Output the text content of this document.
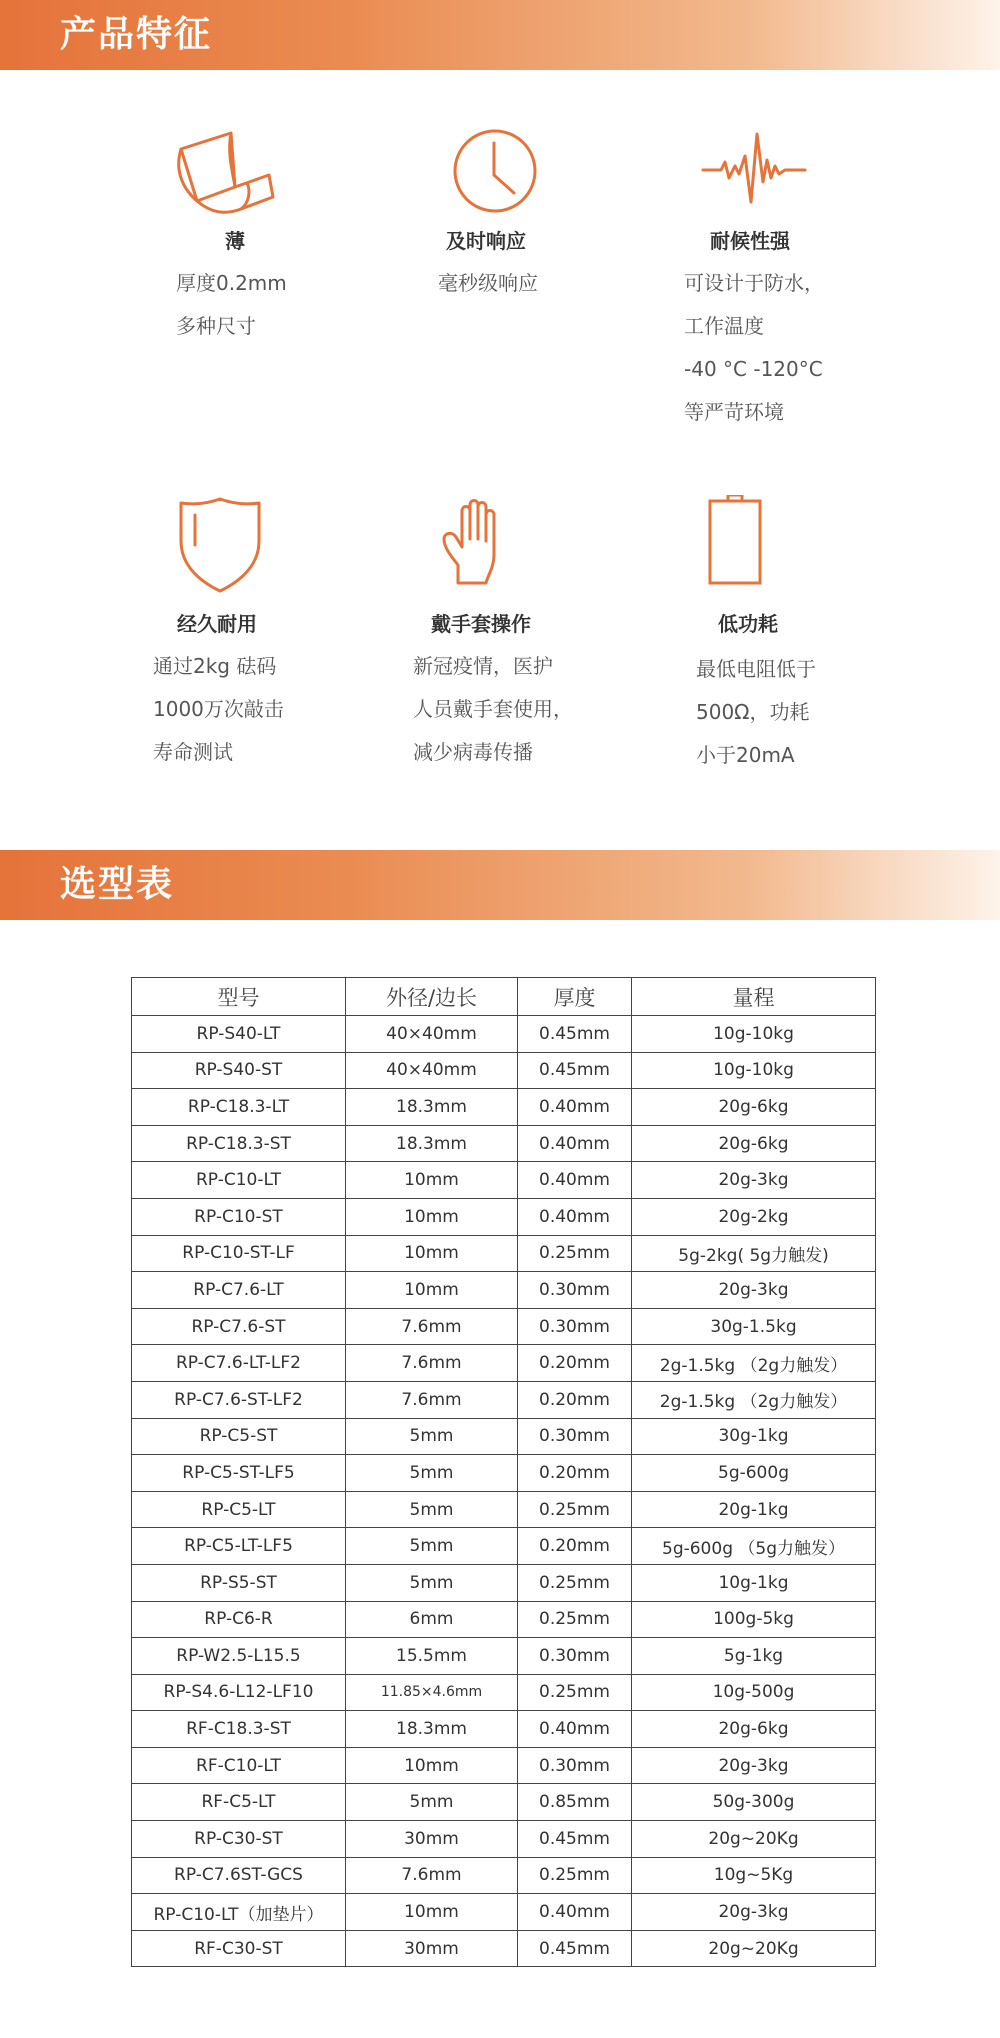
产品特征
薄
厚度0.2mm
多种尺寸
及时响应
毫秒级响应
耐候性强
可设计于防水，
工作温度
-40 °C -120°C
等严苛环境
经久耐用
通过2kg 砝码
1000万次敲击
寿命测试
戴手套操作
新冠疫情，医护
人员戴手套使用，
减少病毒传播
低功耗
最低电阻低于
500Ω，功耗
小于20mA
选型表
型号	外径/边长	厚度	量程
RP-S40-LT	40×40mm	0.45mm	10g-10kg
RP-S40-ST	40×40mm	0.45mm	10g-10kg
RP-C18.3-LT	18.3mm	0.40mm	20g-6kg
RP-C18.3-ST	18.3mm	0.40mm	20g-6kg
RP-C10-LT	10mm	0.40mm	20g-3kg
RP-C10-ST	10mm	0.40mm	20g-2kg
RP-C10-ST-LF	10mm	0.25mm	5g-2kg( 5g力触发)
RP-C7.6-LT	10mm	0.30mm	20g-3kg
RP-C7.6-ST	7.6mm	0.30mm	30g-1.5kg
RP-C7.6-LT-LF2	7.6mm	0.20mm	2g-1.5kg （2g力触发）
RP-C7.6-ST-LF2	7.6mm	0.20mm	2g-1.5kg （2g力触发）
RP-C5-ST	5mm	0.30mm	30g-1kg
RP-C5-ST-LF5	5mm	0.20mm	5g-600g
RP-C5-LT	5mm	0.25mm	20g-1kg
RP-C5-LT-LF5	5mm	0.20mm	5g-600g （5g力触发）
RP-S5-ST	5mm	0.25mm	10g-1kg
RP-C6-R	6mm	0.25mm	100g-5kg
RP-W2.5-L15.5	15.5mm	0.30mm	5g-1kg
RP-S4.6-L12-LF10	11.85×4.6mm	0.25mm	10g-500g
RF-C18.3-ST	18.3mm	0.40mm	20g-6kg
RF-C10-LT	10mm	0.30mm	20g-3kg
RF-C5-LT	5mm	0.85mm	50g-300g
RP-C30-ST	30mm	0.45mm	20g~20Kg
RP-C7.6ST-GCS	7.6mm	0.25mm	10g~5Kg
RP-C10-LT（加垫片）	10mm	0.40mm	20g-3kg
RF-C30-ST	30mm	0.45mm	20g~20Kg
